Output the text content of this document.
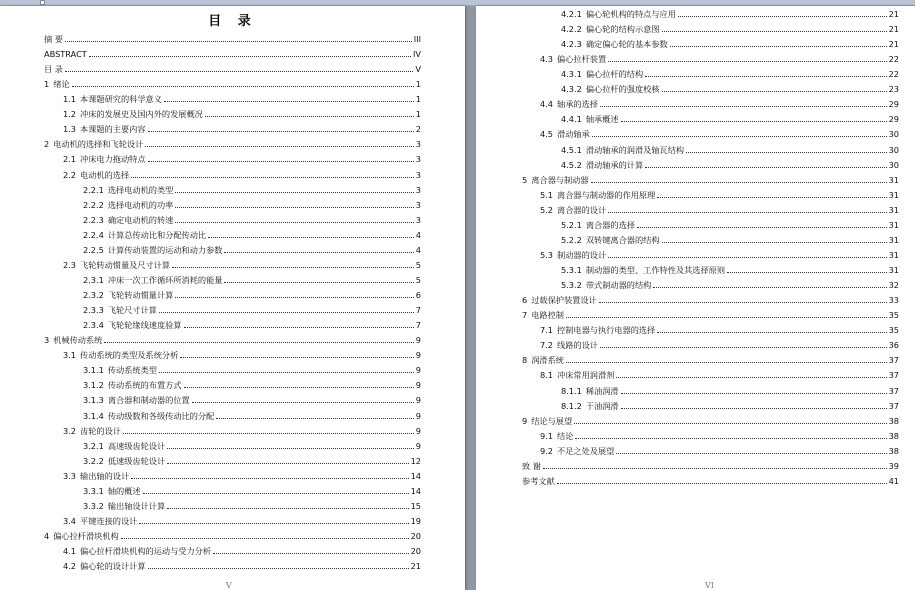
目 录
摘 要	III
ABSTRACT	IV
目 录	V
1 绪论	1
1.1 本课题研究的科学意义	1
1.2 冲床的发展史及国内外的发展概况	1
1.3 本课题的主要内容	2
2 电动机的选择和飞轮设计	3
2.1 冲床电力拖动特点	3
2.2 电动机的选择	3
2.2.1 选择电动机的类型	3
2.2.2 选择电动机的功率	3
2.2.3 确定电动机的转速	3
2.2.4 计算总传动比和分配传动比	4
2.2.5 计算传动装置的运动和动力参数	4
2.3 飞轮转动惯量及尺寸计算	5
2.3.1 冲床一次工作循环所消耗的能量	5
2.3.2 飞轮转动惯量计算	6
2.3.3 飞轮尺寸计算	7
2.3.4 飞轮轮缘线速度验算	7
3 机械传动系统	9
3.1 传动系统的类型及系统分析	9
3.1.1 传动系统类型	9
3.1.2 传动系统的布置方式	9
3.1.3 离合器和制动器的位置	9
3.1.4 传动级数和各级传动比的分配	9
3.2 齿轮的设计	9
3.2.1 高速级齿轮设计	9
3.2.2 低速级齿轮设计	12
3.3 输出轴的设计	14
3.3.1 轴的概述	14
3.3.2 输出轴设计计算	15
3.4 平键连接的设计	19
4 偏心拉杆滑块机构	20
4.1 偏心拉杆滑块机构的运动与受力分析	20
4.2 偏心轮的设计计算	21
V
4.2.1 偏心轮机构的特点与应用	21
4.2.2 偏心轮的结构示意图	21
4.2.3 确定偏心轮的基本参数	21
4.3 偏心拉杆装置	22
4.3.1 偏心拉杆的结构	22
4.3.2 偏心拉杆的强度校核	23
4.4 轴承的选择	29
4.4.1 轴承概述	29
4.5 滑动轴承	30
4.5.1 滑动轴承的润滑及轴瓦结构	30
4.5.2 滑动轴承的计算	30
5 离合器与制动器	31
5.1 离合器与制动器的作用原理	31
5.2 离合器的设计	31
5.2.1 离合器的选择	31
5.2.2 双转键离合器的结构	31
5.3 制动器的设计	31
5.3.1 制动器的类型、工作特性及其选择原则	31
5.3.2 带式制动器的结构	32
6 过载保护装置设计	33
7 电路控制	35
7.1 控制电器与执行电器的选择	35
7.2 线路的设计	36
8 润滑系统	37
8.1 冲床常用润滑剂	37
8.1.1 稀油润滑	37
8.1.2 干油润滑	37
9 结论与展望	38
9.1 结论	38
9.2 不足之处及展望	38
致 谢	39
参考文献	41
VI
